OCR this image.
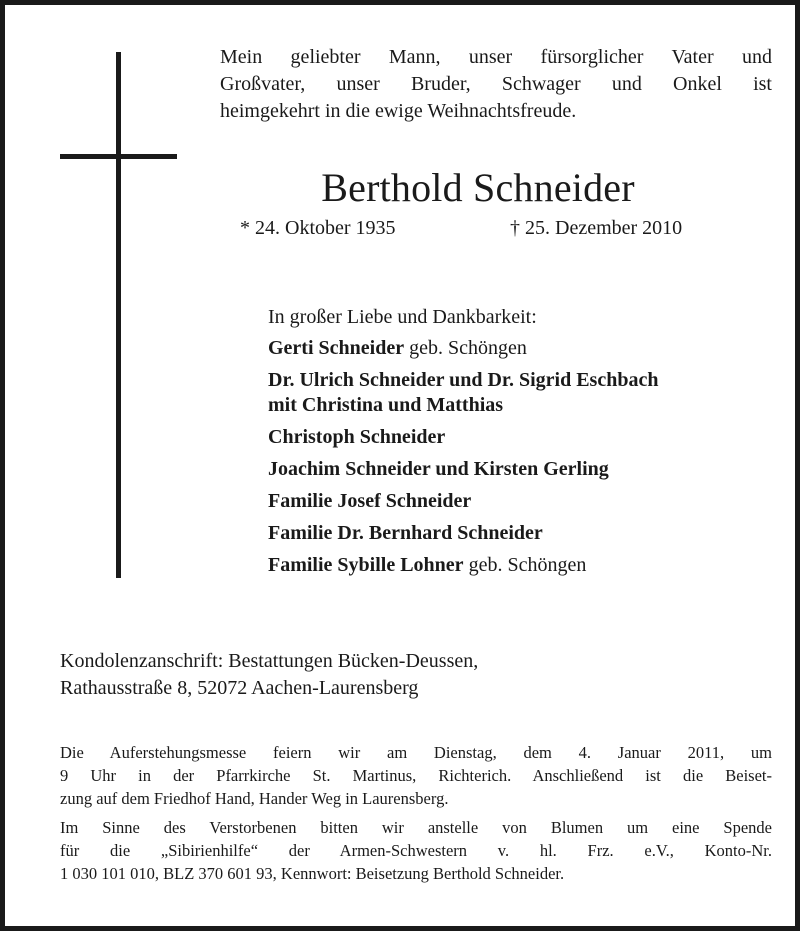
Mein geliebter Mann, unser fürsorglicher Vater und
Großvater, unser Bruder, Schwager und Onkel ist
heimgekehrt in die ewige Weihnachtsfreude.
Berthold Schneider
* 24. Oktober 1935	† 25. Dezember 2010
In großer Liebe und Dankbarkeit:
Gerti Schneider geb. Schöngen
Dr. Ulrich Schneider und Dr. Sigrid Eschbach
mit Christina und Matthias
Christoph Schneider
Joachim Schneider und Kirsten Gerling
Familie Josef Schneider
Familie Dr. Bernhard Schneider
Familie Sybille Lohner geb. Schöngen
Kondolenzanschrift: Bestattungen Bücken-Deussen,
Rathausstraße 8, 52072 Aachen-Laurensberg
Die Auferstehungsmesse feiern wir am Dienstag, dem 4. Januar 2011, um
9 Uhr in der Pfarrkirche St. Martinus, Richterich. Anschließend ist die Beiset-
zung auf dem Friedhof Hand, Hander Weg in Laurensberg.
Im Sinne des Verstorbenen bitten wir anstelle von Blumen um eine Spende
für die „Sibirienhilfe“ der Armen-Schwestern v. hl. Frz. e.V., Konto-Nr.
1 030 101 010, BLZ 370 601 93, Kennwort: Beisetzung Berthold Schneider.
